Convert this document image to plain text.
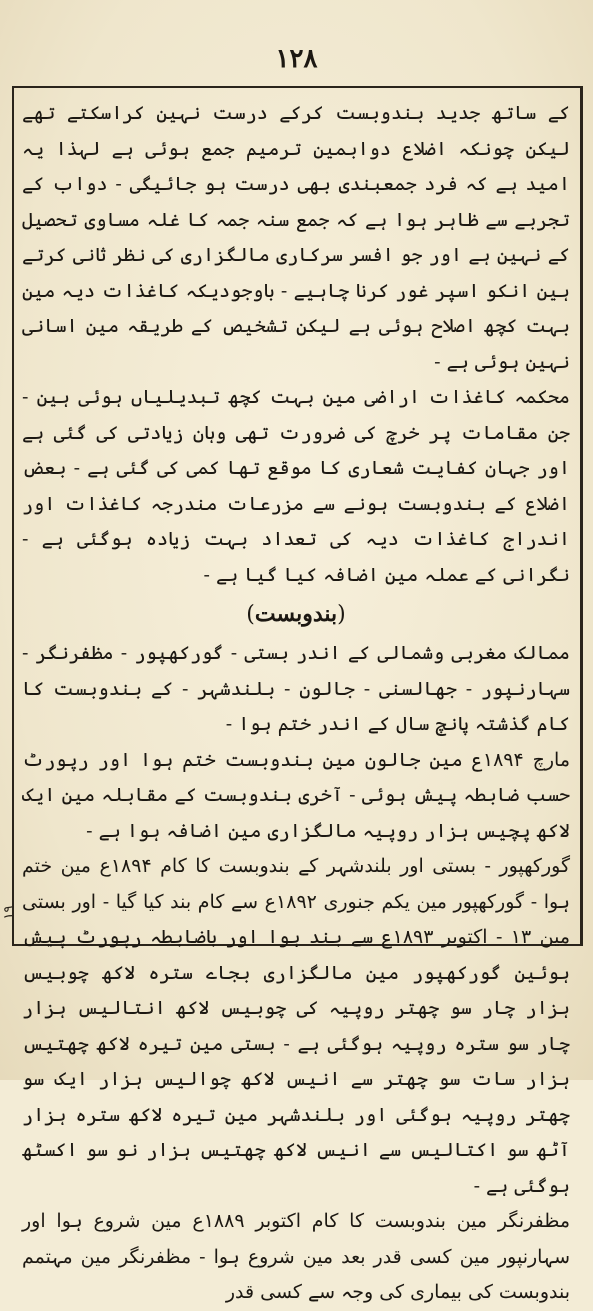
۱۲۸

کے ساتھ جدید بندوبست کرکے درست نہین کراسکتے تھے لیکن چونکہ اضلاع دوابمین ترمیم جمع ہوئی ہے لہذا یہ امید ہے کہ فرد جمعبندی بھی درست ہو جائیگی - دواب کے تجربے سے ظاہر ہوا ہے کہ جمع سنہ جمہ کا غلہ مساوی تحصیل کے نہین ہے اور جو افسر سرکاری مالگزاری کی نظر ثانی کرتے ہین انکو اسپر غور کرنا چاہیے - باوجودیکہ کاغذات دیہ مین بہت کچھ اصلاح ہوئی ہے لیکن تشخیص کے طریقہ مین اسانی نہین ہوئی ہے -

محکمہ کاغذات اراضی مین بہت کچھ تبدیلیاں ہوئی ہین - جن مقامات پر خرچ کی ضرورت تھی وہان زیادتی کی گئی ہے اور جہان کفایت شعاری کا موقع تھا کمی کی گئی ہے - بعض اضلاع کے بندوبست ہونے سے مزرعات مندرجہ کاغذات اور اندراج کاغذات دیہ کی تعداد بہت زیادہ ہوگئی ہے - نگرانی کے عملہ مین اضافہ کیا گیا ہے -

(بندوبست)

ممالک مغربی وشمالی کے اندر بستی - گورکھپور - مظفرنگر - سہارنپور - جھالسنی - جالون - بلندشہر - کے بندوبست کا کام گذشتہ پانچ سال کے اندر ختم ہوا -

مارچ ۱۸۹۴ع مین جالون مین بندوبست ختم ہوا اور رپورٹ حسب ضابطہ پیش ہوئی - آخری بندوبست کے مقابلہ مین ایک لاکھ پچیس ہزار روپیہ مالگزاری مین اضافہ ہوا ہے -

گورکھپور - بستی اور بلندشہر کے بندوبست کا کام ۱۸۹۴ع مین ختم ہوا - گورکھپور مین یکم جنوری ۱۸۹۲ع سے کام بند کیا گیا - اور بستی مین ۱۳ - اکتوبر ۱۸۹۳ع سے بند ہوا اور باضابطہ رپورٹ پیش ہوئین گورکھپور مین مالگزاری بجاے سترہ لاکھ چوبیس ہزار چار سو چھتر روپیہ کی چوبیس لاکھ انتالیس ہزار چار سو سترہ روپیہ ہوگئی ہے - بستی مین تیرہ لاکھ چھتیس ہزار سات سو چھتر سے انیس لاکھ چوالیس ہزار ایک سو چھتر روپیہ ہوگئی اور بلندشہر مین تیرہ لاکھ سترہ ہزار آٹھ سو اکتالیس سے انیس لاکھ چھتیس ہزار نو سو اکسٹھ ہوگئی ہے -

مظفرنگر مین بندوبست کا کام اکتوبر ۱۸۸۹ع مین شروع ہوا اور سہارنپور مین کسی قدر بعد مین شروع ہوا - مظفرنگر مین مہتمم بندوبست کی بیماری کی وجہ سے کسی قدر

۱۹
